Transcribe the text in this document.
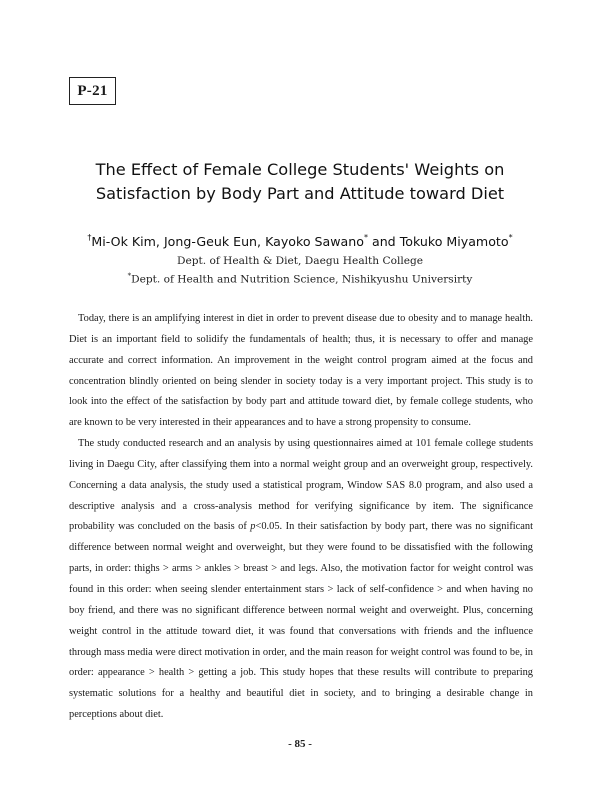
P-21
The Effect of Female College Students' Weights on
Satisfaction by Body Part and Attitude toward Diet
†Mi-Ok Kim, Jong-Geuk Eun, Kayoko Sawano* and Tokuko Miyamoto*
Dept. of Health & Diet, Daegu Health College
*Dept. of Health and Nutrition Science, Nishikyushu Universirty

Today, there is an amplifying interest in diet in order to prevent disease due to obesity and to manage health. Diet is an important field to solidify the fundamentals of health; thus, it is necessary to offer and manage accurate and correct information. An improvement in the weight control program aimed at the focus and concentration blindly oriented on being slender in society today is a very important project. This study is to look into the effect of the satisfaction by body part and attitude toward diet, by female college students, who are known to be very interested in their appearances and to have a strong propensity to consume.

The study conducted research and an analysis by using questionnaires aimed at 101 female college students living in Daegu City, after classifying them into a normal weight group and an overweight group, respectively. Concerning a data analysis, the study used a statistical program, Window SAS 8.0 program, and also used a descriptive analysis and a cross-analysis method for verifying significance by item. The significance probability was concluded on the basis of p<0.05. In their satisfaction by body part, there was no significant difference between normal weight and overweight, but they were found to be dissatisfied with the following parts, in order: thighs > arms > ankles > breast > and legs. Also, the motivation factor for weight control was found in this order: when seeing slender entertainment stars > lack of self-confidence > and when having no boy friend, and there was no significant difference between normal weight and overweight. Plus, concerning weight control in the attitude toward diet, it was found that conversations with friends and the influence through mass media were direct motivation in order, and the main reason for weight control was found to be, in order: appearance > health > getting a job. This study hopes that these results will contribute to preparing systematic solutions for a healthy and beautiful diet in society, and to bringing a desirable change in perceptions about diet.

- 85 -
